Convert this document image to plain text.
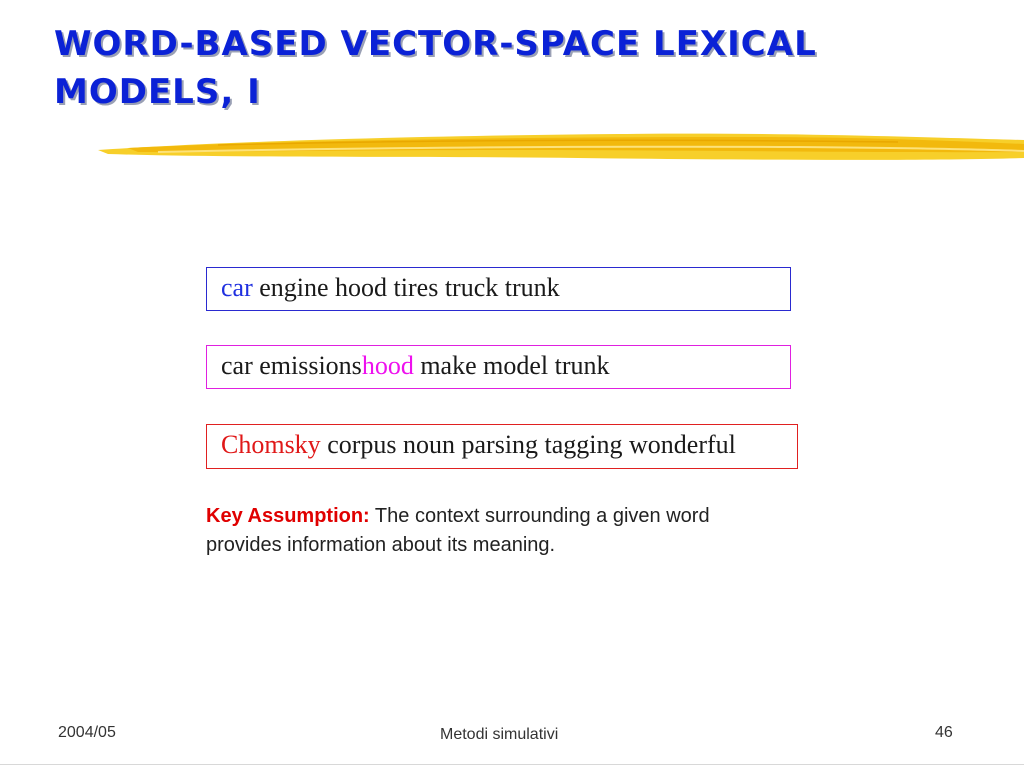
WORD-BASED VECTOR-SPACE LEXICAL
MODELS, I
car engine hood tires truck trunk
car emissionshood make model trunk
Chomsky corpus noun parsing tagging wonderful
Key Assumption: The context surrounding a given word provides information about its meaning.
2004/05	Metodi simulativi	46
